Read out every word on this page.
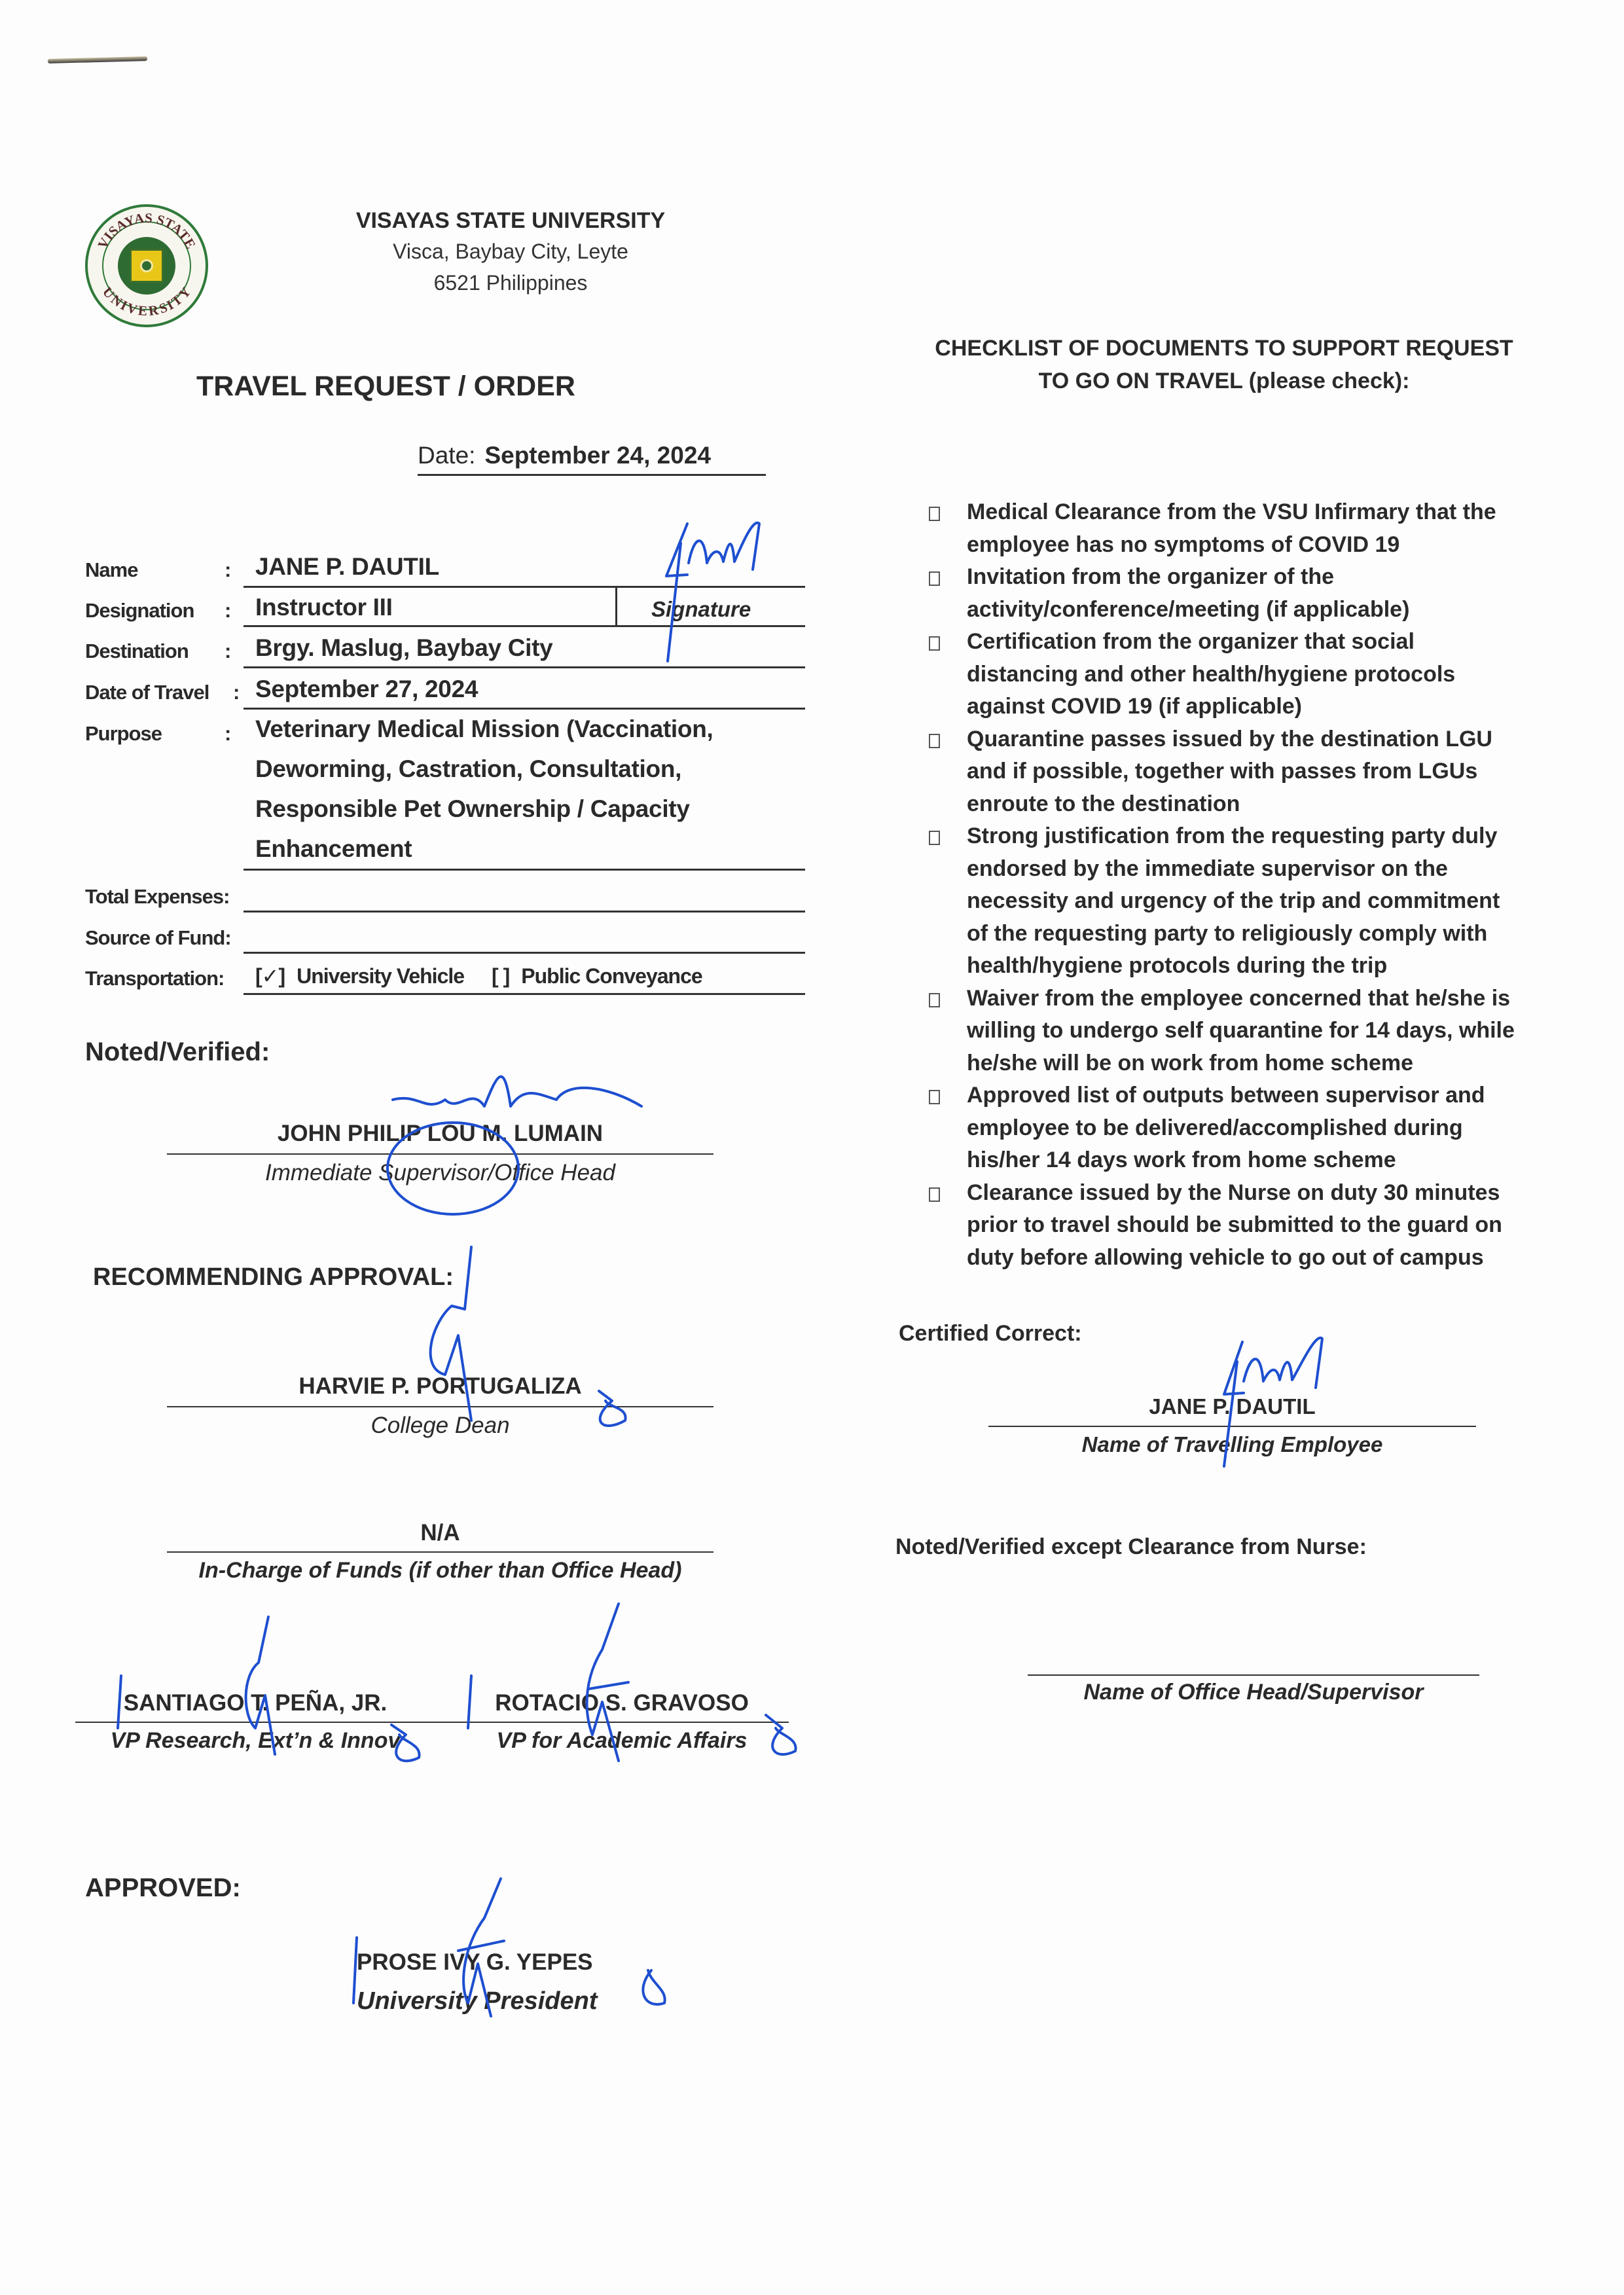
VISAYAS STATE
UNIVERSITY
VISAYAS STATE UNIVERSITY
Visca, Baybay City, Leyte
6521 Philippines
TRAVEL REQUEST / ORDER
Date: September 24, 2024
Name	: JANE P. DAUTIL
Designation : Instructor III	Signature
Destination : Brgy. Maslug, Baybay City
Date of Travel : September 27, 2024
Purpose	: Veterinary Medical Mission (Vaccination,
Deworming, Castration, Consultation,
Responsible Pet Ownership / Capacity
Enhancement
Total Expenses:
Source of Fund:
Transportation: [✓] University Vehicle [ ] Public Conveyance
Noted/Verified:
JOHN PHILIP LOU M. LUMAIN
Immediate Supervisor/Office Head
RECOMMENDING APPROVAL:
HARVIE P. PORTUGALIZA
College Dean
N/A
In-Charge of Funds (if other than Office Head)
SANTIAGO T. PEÑA, JR.
VP Research, Ext’n & Innov
ROTACIO S. GRAVOSO
VP for Academic Affairs
APPROVED:
PROSE IVY G. YEPES
University President
CHECKLIST OF DOCUMENTS TO SUPPORT REQUEST
TO GO ON TRAVEL (please check):
Medical Clearance from the VSU Infirmary that the
employee has no symptoms of COVID 19
Invitation from the organizer of the
activity/conference/meeting (if applicable)
Certification from the organizer that social
distancing and other health/hygiene protocols
against COVID 19 (if applicable)
Quarantine passes issued by the destination LGU
and if possible, together with passes from LGUs
enroute to the destination
Strong justification from the requesting party duly
endorsed by the immediate supervisor on the
necessity and urgency of the trip and commitment
of the requesting party to religiously comply with
health/hygiene protocols during the trip
Waiver from the employee concerned that he/she is
willing to undergo self quarantine for 14 days, while
he/she will be on work from home scheme
Approved list of outputs between supervisor and
employee to be delivered/accomplished during
his/her 14 days work from home scheme
Clearance issued by the Nurse on duty 30 minutes
prior to travel should be submitted to the guard on
duty before allowing vehicle to go out of campus
Certified Correct:
JANE P. DAUTIL
Name of Travelling Employee
Noted/Verified except Clearance from Nurse:
Name of Office Head/Supervisor
